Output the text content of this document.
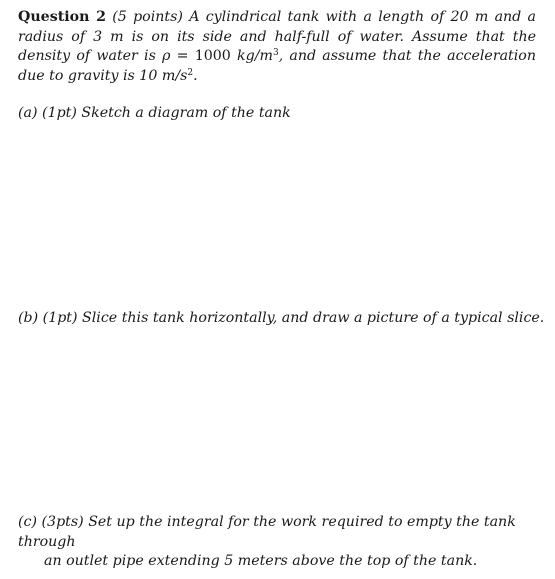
Question 2 (5 points) A cylindrical tank with a length of 20 m and a radius of 3 m is on its side and half-full of water. Assume that the density of water is ρ = 1000 $kg/m^3$, and assume that the acceleration due to gravity is 10 $m/s^2$.
(a) (1pt) Sketch a diagram of the tank
(b) (1pt) Slice this tank horizontally, and draw a picture of a typical slice.
(c) (3pts) Set up the integral for the work required to empty the tank through
an outlet pipe extending 5 meters above the top of the tank.
